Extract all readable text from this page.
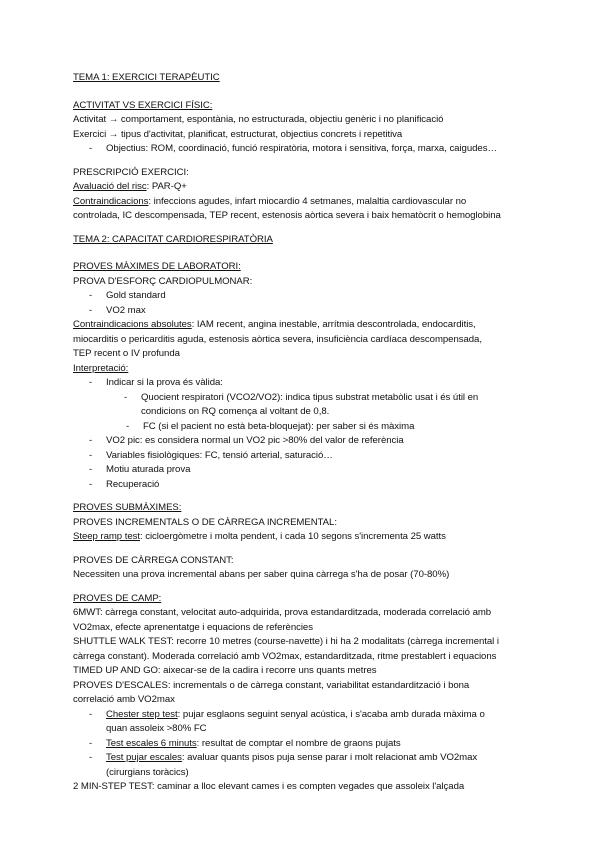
TEMA 1: EXERCICI TERAPÈUTIC
ACTIVITAT VS EXERCICI FÍSIC:
Activitat → comportament, espontània, no estructurada, objectiu genèric i no planificació
Exercici → tipus d'activitat, planificat, estructurat, objectius concrets i repetitiva
-	Objectius: ROM, coordinació, funció respiratòria, motora i sensitiva, força, marxa, caigudes…
PRESCRIPCIÓ EXERCICI:
Avaluació del risc: PAR-Q+
Contraindicacions: infeccions agudes, infart miocardio 4 setmanes, malaltia cardiovascular no
controlada, IC descompensada, TEP recent, estenosis aòrtica severa i baix hematòcrit o hemoglobina
TEMA 2: CAPACITAT CARDIORESPIRATÒRIA
PROVES MÀXIMES DE LABORATORI:
PROVA D'ESFORÇ CARDIOPULMONAR:
-	Gold standard
-	VO2 max
Contraindicacions absolutes: IAM recent, angina inestable, arrítmia descontrolada, endocarditis,
miocarditis o pericarditis aguda, estenosis aòrtica severa, insuficiència cardíaca descompensada,
TEP recent o IV profunda
Interpretació:
-	Indicar si la prova és vàlida:
-	Quocient respiratori (VCO2/VO2): indica tipus substrat metabòlic usat i és útil en
condicions on RQ comença al voltant de 0,8.
-	FC (si el pacient no està beta-bloquejat): per saber si és màxima
-	VO2 pic: es considera normal un VO2 pic >80% del valor de referència
-	Variables fisiològiques: FC, tensió arterial, saturació…
-	Motiu aturada prova
-	Recuperació
PROVES SUBMÀXIMES:
PROVES INCREMENTALS O DE CÀRREGA INCREMENTAL:
Steep ramp test: cicloergòmetre i molta pendent, i cada 10 segons s'incrementa 25 watts
PROVES DE CÀRREGA CONSTANT:
Necessiten una prova incremental abans per saber quina càrrega s'ha de posar (70-80%)
PROVES DE CAMP:
6MWT: càrrega constant, velocitat auto-adquirida, prova estandarditzada, moderada correlació amb
VO2max, efecte aprenentatge i equacions de referències
SHUTTLE WALK TEST: recorre 10 metres (course-navette) i hi ha 2 modalitats (càrrega incremental i
càrrega constant). Moderada correlació amb VO2max, estandarditzada, ritme prestablert i equacions
TIMED UP AND GO: aixecar-se de la cadira i recorre uns quants metres
PROVES D'ESCALES: incrementals o de càrrega constant, variabilitat estandardització i bona
correlació amb VO2max
-	Chester step test: pujar esglaons seguint senyal acústica, i s'acaba amb durada màxima o
quan assoleix >80% FC
-	Test escales 6 minuts: resultat de comptar el nombre de graons pujats
-	Test pujar escales: avaluar quants pisos puja sense parar i molt relacionat amb VO2max
(cirurgians toràcics)
2 MIN-STEP TEST: caminar a lloc elevant cames i es compten vegades que assoleix l'alçada
